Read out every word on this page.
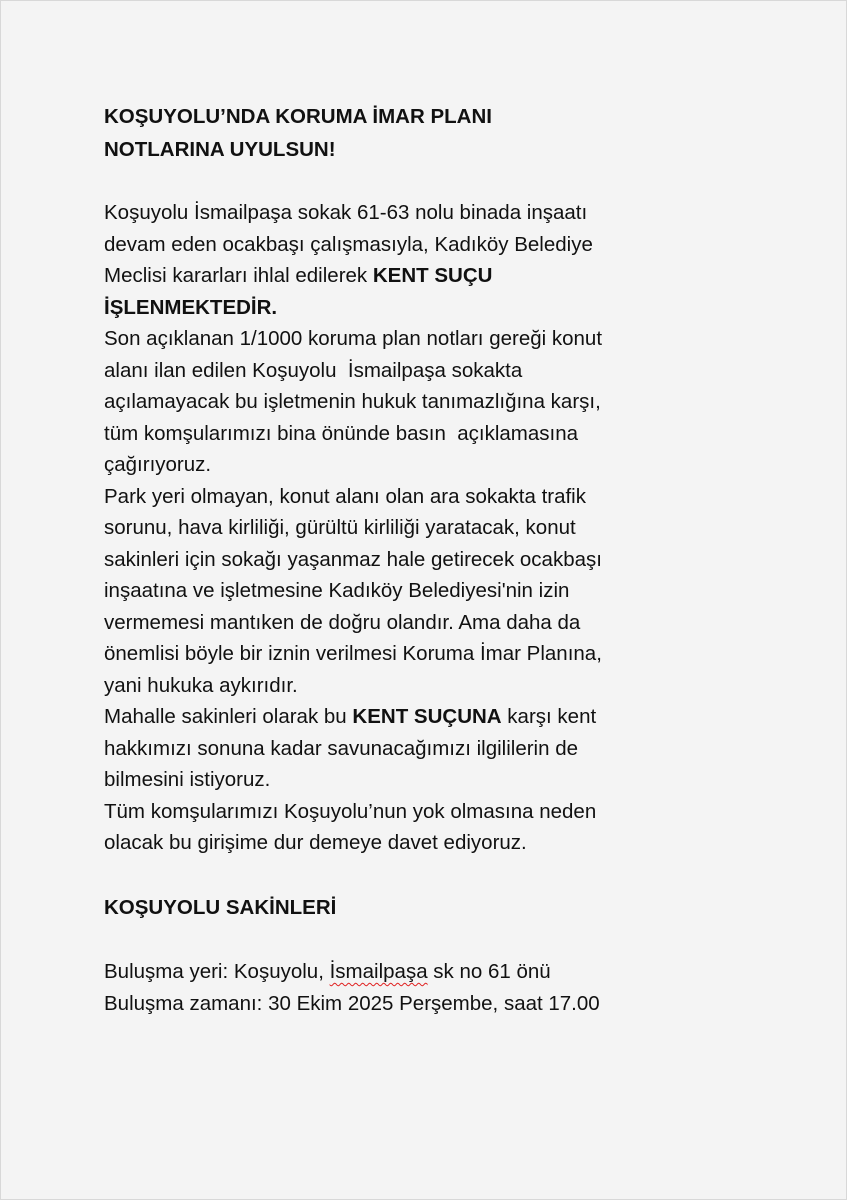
KOŞUYOLU’NDA KORUMA İMAR PLANI
NOTLARINA UYULSUN!

Koşuyolu İsmailpaşa sokak 61-63 nolu binada inşaatı
devam eden ocakbaşı çalışmasıyla, Kadıköy Belediye
Meclisi kararları ihlal edilerek KENT SUÇU
İŞLENMEKTEDİR.

Son açıklanan 1/1000 koruma plan notları gereği konut
alanı ilan edilen Koşuyolu  İsmailpaşa sokakta
açılamayacak bu işletmenin hukuk tanımazlığına karşı,
tüm komşularımızı bina önünde basın  açıklamasına
çağırıyoruz.

Park yeri olmayan, konut alanı olan ara sokakta trafik
sorunu, hava kirliliği, gürültü kirliliği yaratacak, konut
sakinleri için sokağı yaşanmaz hale getirecek ocakbaşı
inşaatına ve işletmesine Kadıköy Belediyesi'nin izin
vermemesi mantıken de doğru olandır. Ama daha da
önemlisi böyle bir iznin verilmesi Koruma İmar Planına,
yani hukuka aykırıdır.

Mahalle sakinleri olarak bu KENT SUÇUNA karşı kent
hakkımızı sonuna kadar savunacağımızı ilgililerin de
bilmesini istiyoruz.

Tüm komşularımızı Koşuyolu’nun yok olmasına neden
olacak bu girişime dur demeye davet ediyoruz.

KOŞUYOLU SAKİNLERİ

Buluşma yeri: Koşuyolu, İsmailpaşa sk no 61 önü
Buluşma zamanı: 30 Ekim 2025 Perşembe, saat 17.00
